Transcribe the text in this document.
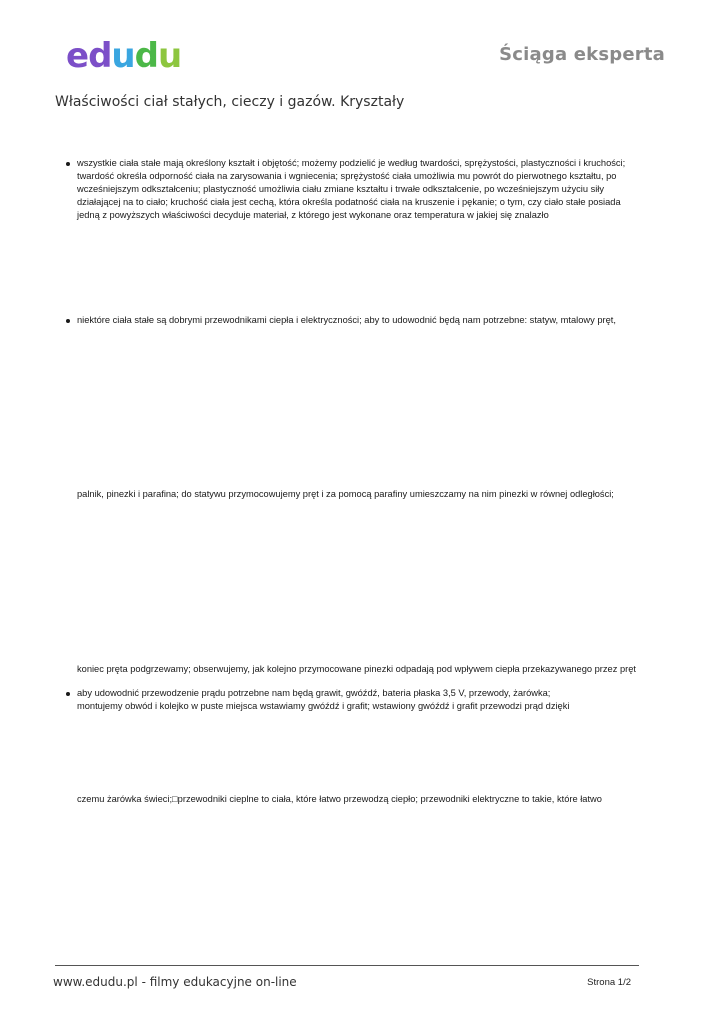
e d u d u	Ściąga eksperta
Właściwości ciał stałych, cieczy i gazów. Kryształy
wszystkie ciała stałe mają określony kształt i objętość; możemy podzielić je według twardości, sprężystości, plastyczności i kruchości;
twardość określa odporność ciała na zarysowania i wgniecenia; sprężystość ciała umożliwia mu powrót do pierwotnego kształtu, po
wcześniejszym odkształceniu; plastyczność umożliwia ciału zmiane kształtu i trwałe odkształcenie, po wcześniejszym użyciu siły
działającej na to ciało; kruchość ciała jest cechą, która określa podatność ciała na kruszenie i pękanie; o tym, czy ciało stałe posiada
jedną z powyższych właściwości decyduje materiał, z którego jest wykonane oraz temperatura w jakiej się znalazło
niektóre ciała stałe są dobrymi przewodnikami ciepła i elektryczności; aby to udowodnić będą nam potrzebne: statyw, mtalowy pręt,
palnik, pinezki i parafina; do statywu przymocowujemy pręt i za pomocą parafiny umieszczamy na nim pinezki w równej odległości;
koniec pręta podgrzewamy; obserwujemy, jak kolejno przymocowane pinezki odpadają pod wpływem ciepła przekazywanego przez pręt
aby udowodnić przewodzenie prądu potrzebne nam będą grawit, gwóźdź, bateria płaska 3,5 V, przewody, żarówka;
montujemy obwód i kolejko w puste miejsca wstawiamy gwóźdź i grafit; wstawiony gwóźdź i grafit przewodzi prąd dzięki
czemu żarówka świeci;□przewodniki cieplne to ciała, które łatwo przewodzą ciepło; przewodniki elektryczne to takie, które łatwo
www.edudu.pl - filmy edukacyjne on-line	Strona 1/2
